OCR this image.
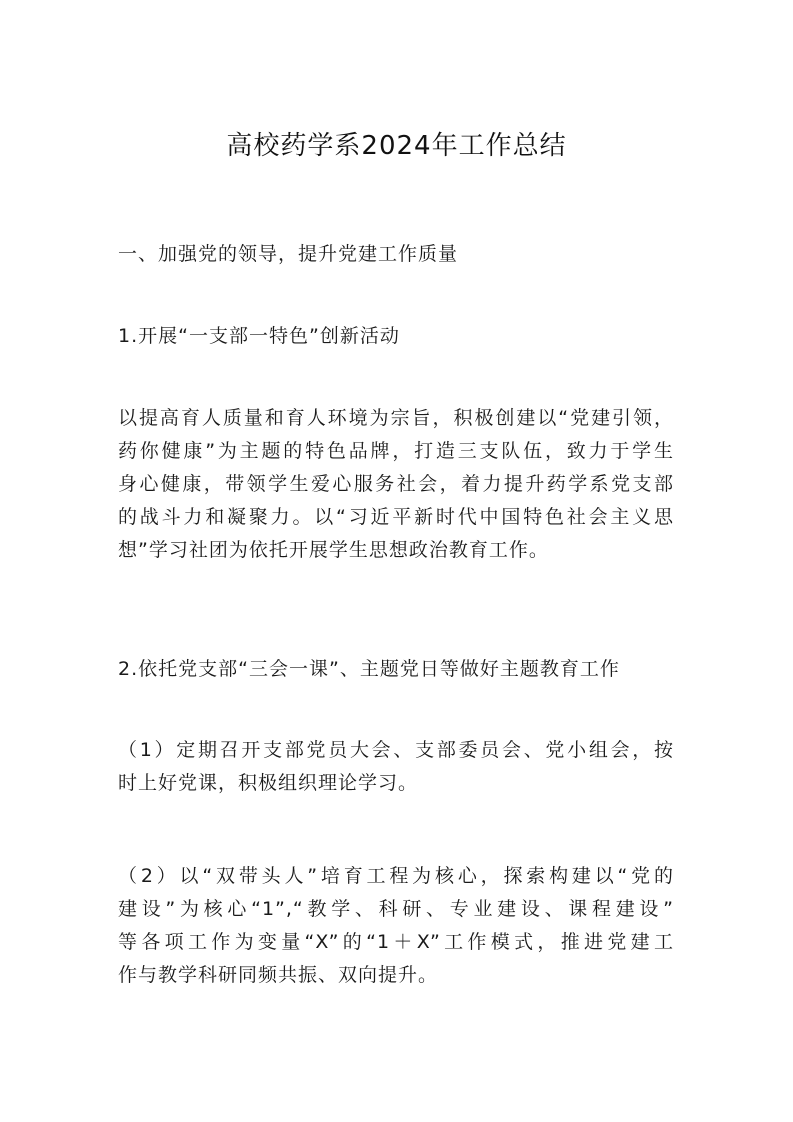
高校药学系2024年工作总结
一、加强党的领导，提升党建工作质量
1.开展“一支部一特色”创新活动
以提高育人质量和育人环境为宗旨，积极创建以“党建引领，
药你健康”为主题的特色品牌，打造三支队伍，致力于学生
身心健康，带领学生爱心服务社会，着力提升药学系党支部
的战斗力和凝聚力。以“习近平新时代中国特色社会主义思
想”学习社团为依托开展学生思想政治教育工作。
2.依托党支部“三会一课”、主题党日等做好主题教育工作
（1）定期召开支部党员大会、支部委员会、党小组会，按
时上好党课，积极组织理论学习。
（2）以“双带头人”培育工程为核心，探索构建以“党的
建设”为核心“1”,“教学、科研、专业建设、课程建设”
等各项工作为变量“X”的“1＋X”工作模式，推进党建工
作与教学科研同频共振、双向提升。
